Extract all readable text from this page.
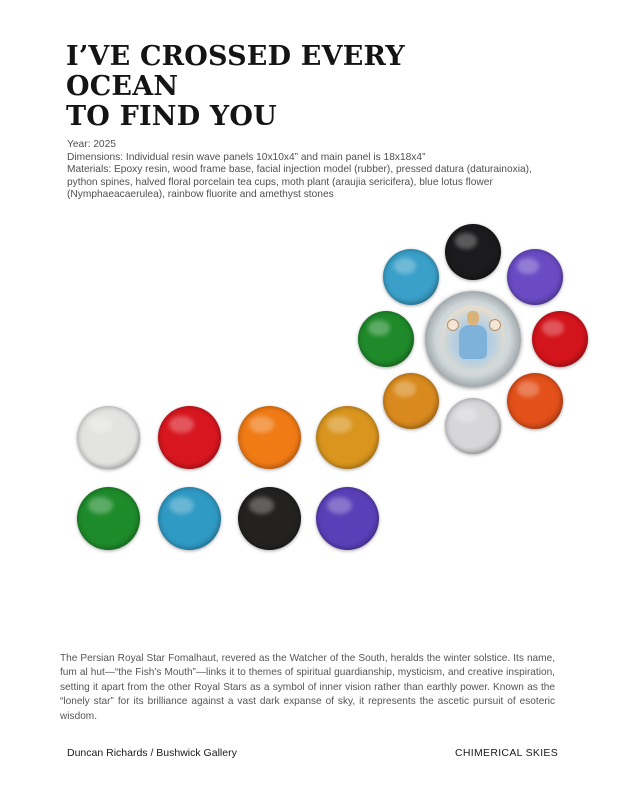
I’VE CROSSED EVERY OCEAN
TO FIND YOU
Year: 2025
Dimensions: Individual resin wave panels 10x10x4” and main panel is 18x18x4”
Materials: Epoxy resin, wood frame base, facial injection model (rubber), pressed datura (daturainoxia), python spines, halved floral porcelain tea cups, moth plant (araujia sericifera), blue lotus flower (Nymphaeacaerulea), rainbow fluorite and amethyst stones

The Persian Royal Star Fomalhaut, revered as the Watcher of the South, heralds the winter solstice. Its name, fum al hut—“the Fish’s Mouth”—links it to themes of spiritual guardianship, mysticism, and creative inspiration, setting it apart from the other Royal Stars as a symbol of inner vision rather than earthly power. Known as the “lonely star” for its brilliance against a vast dark expanse of sky, it represents the ascetic pursuit of esoteric wisdom.

Duncan Richards / Bushwick Gallery	CHIMERICAL SKIES
